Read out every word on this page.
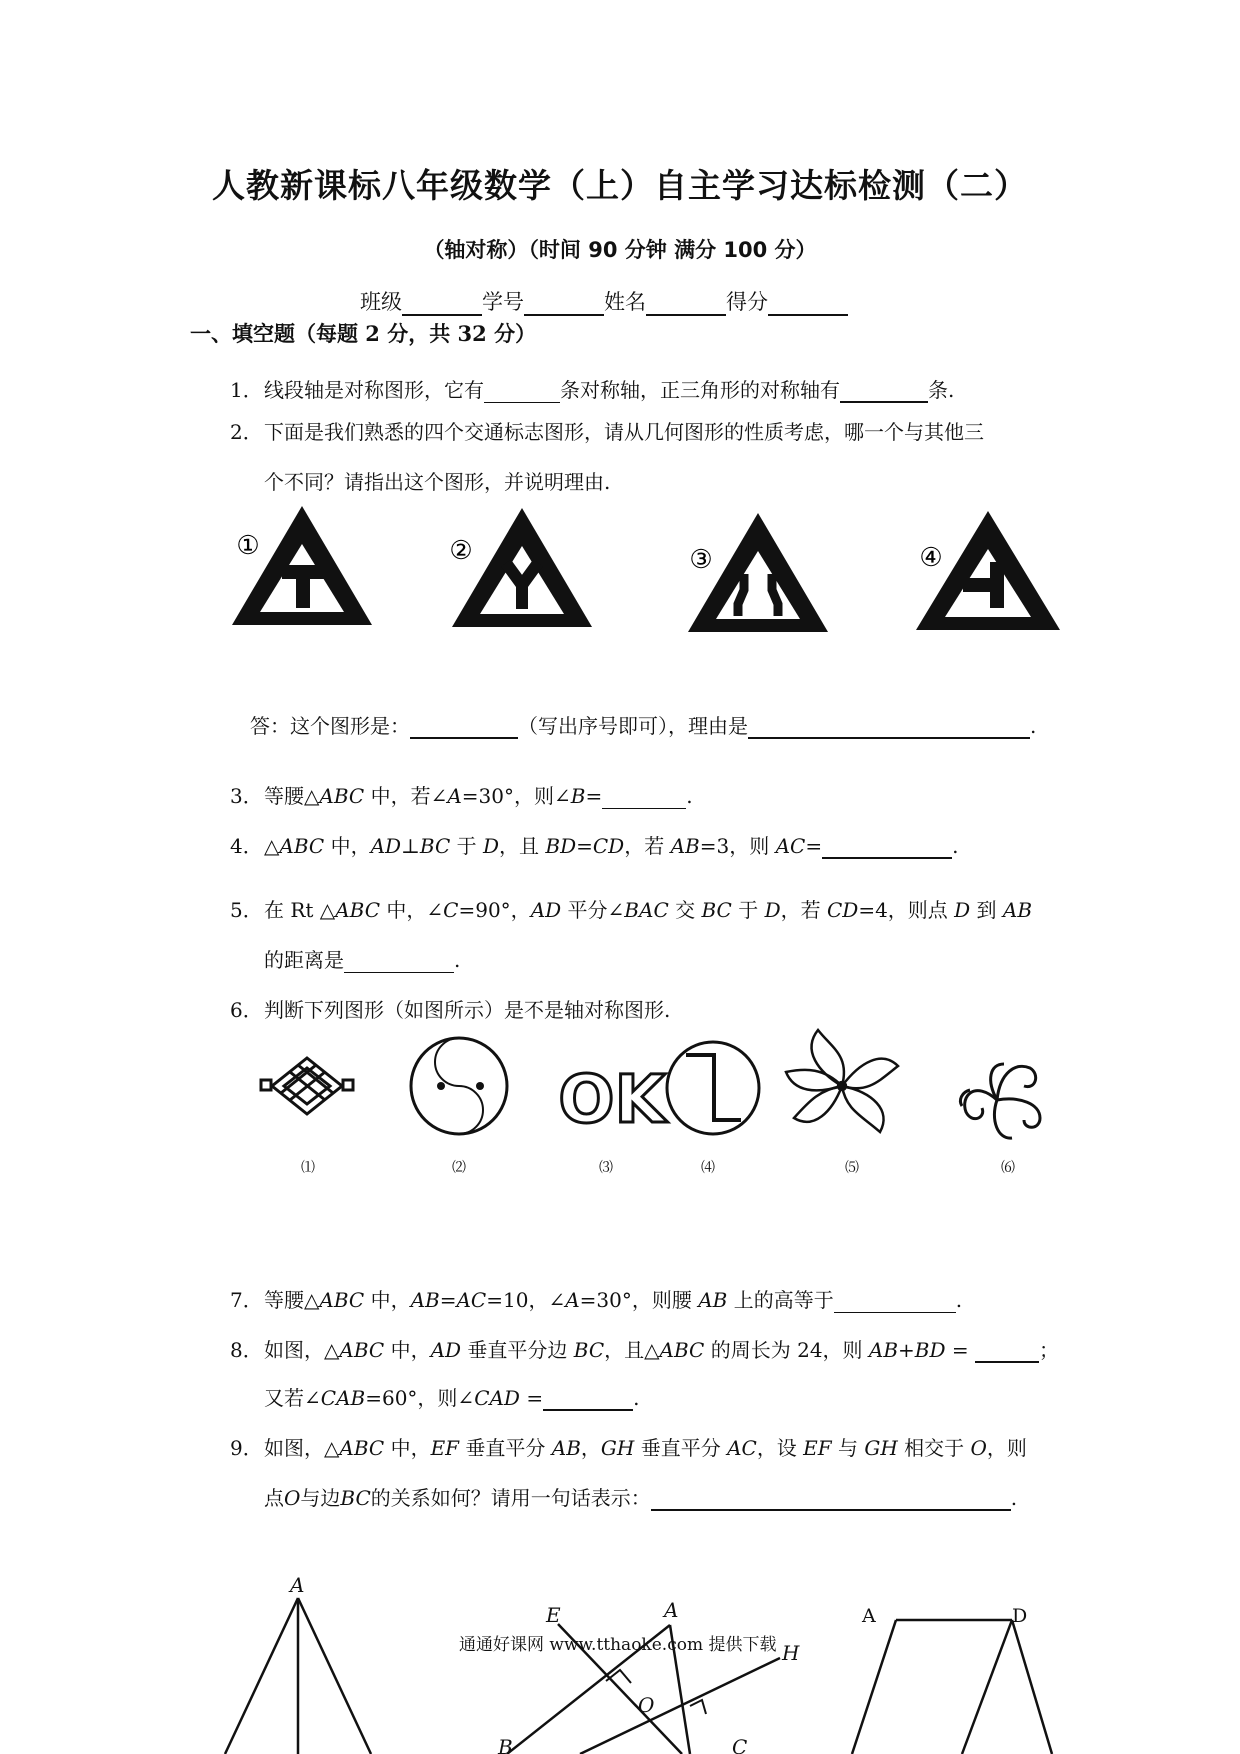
人教新课标八年级数学（上）自主学习达标检测（二）
（轴对称）（时间 90 分钟 满分 100 分）
班级	学号	姓名	得分
一、填空题（每题 2 分，共 32 分）
1．线段轴是对称图形，它有	条对称轴，正三角形的对称轴有	条.
2．下面是我们熟悉的四个交通标志图形，请从几何图形的性质考虑，哪一个与其他三
个不同？请指出这个图形，并说明理由.
①	②	③	④
答：这个图形是：	（写出序号即可），理由是	.
3．等腰△ABC 中，若∠A=30°，则∠B=	.
4．△ABC 中，AD⊥BC 于 D，且 BD=CD，若 AB=3，则 AC=	.
5．在 Rt △ABC 中，∠C=90°，AD 平分∠BAC 交 BC 于 D，若 CD=4，则点 D 到 AB
的距离是	.
6．判断下列图形（如图所示）是不是轴对称图形.
⑴	⑵
OK
⑶	⑷	⑸	⑹
7．等腰△ABC 中，AB=AC=10，∠A=30°，则腰 AB 上的高等于	.
8．如图，△ABC 中，AD 垂直平分边 BC，且△ABC 的周长为 24，则 AB+BD =	；
又若∠CAB=60°，则∠CAD =	.
9．如图，△ABC 中，EF 垂直平分 AB，GH 垂直平分 AC，设 EF 与 GH 相交于 O，则
点O与边BC的关系如何？请用一句话表示：	.
A
E	A
H
O
B	C
A	D
通通好课网 www.tthaoke.com 提供下载
